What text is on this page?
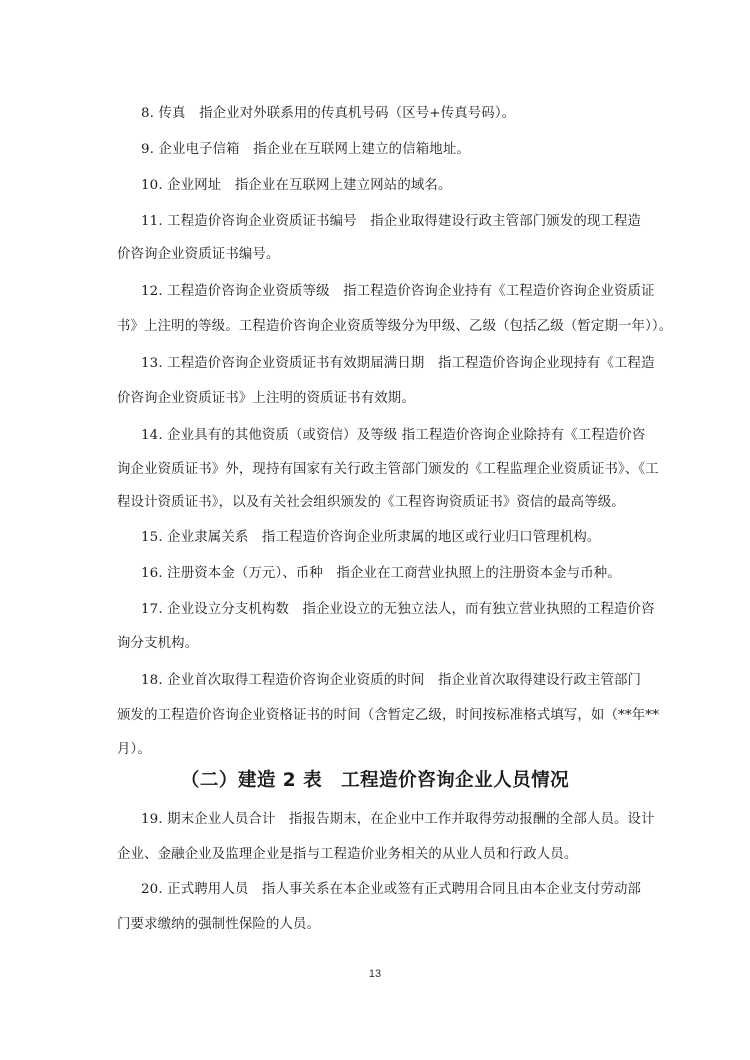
8. 传真　指企业对外联系用的传真机号码（区号+传真号码）。
9. 企业电子信箱　指企业在互联网上建立的信箱地址。
10. 企业网址　指企业在互联网上建立网站的域名。
11. 工程造价咨询企业资质证书编号　指企业取得建设行政主管部门颁发的现工程造
价咨询企业资质证书编号。
12. 工程造价咨询企业资质等级　指工程造价咨询企业持有《工程造价咨询企业资质证
书》上注明的等级。工程造价咨询企业资质等级分为甲级、乙级（包括乙级（暂定期一年））。
13. 工程造价咨询企业资质证书有效期届满日期　指工程造价咨询企业现持有《工程造
价咨询企业资质证书》上注明的资质证书有效期。
14. 企业具有的其他资质（或资信）及等级 指工程造价咨询企业除持有《工程造价咨
询企业资质证书》外，现持有国家有关行政主管部门颁发的《工程监理企业资质证书》、《工
程设计资质证书》，以及有关社会组织颁发的《工程咨询资质证书》资信的最高等级。
15. 企业隶属关系　指工程造价咨询企业所隶属的地区或行业归口管理机构。
16. 注册资本金（万元）、币种　指企业在工商营业执照上的注册资本金与币种。
17. 企业设立分支机构数　指企业设立的无独立法人，而有独立营业执照的工程造价咨
询分支机构。
18. 企业首次取得工程造价咨询企业资质的时间　指企业首次取得建设行政主管部门
颁发的工程造价咨询企业资格证书的时间（含暂定乙级，时间按标准格式填写，如（**年**
月）。
（二）建造 2 表　工程造价咨询企业人员情况
19. 期末企业人员合计　指报告期末，在企业中工作并取得劳动报酬的全部人员。设计
企业、金融企业及监理企业是指与工程造价业务相关的从业人员和行政人员。
20. 正式聘用人员　指人事关系在本企业或签有正式聘用合同且由本企业支付劳动部
门要求缴纳的强制性保险的人员。
13
